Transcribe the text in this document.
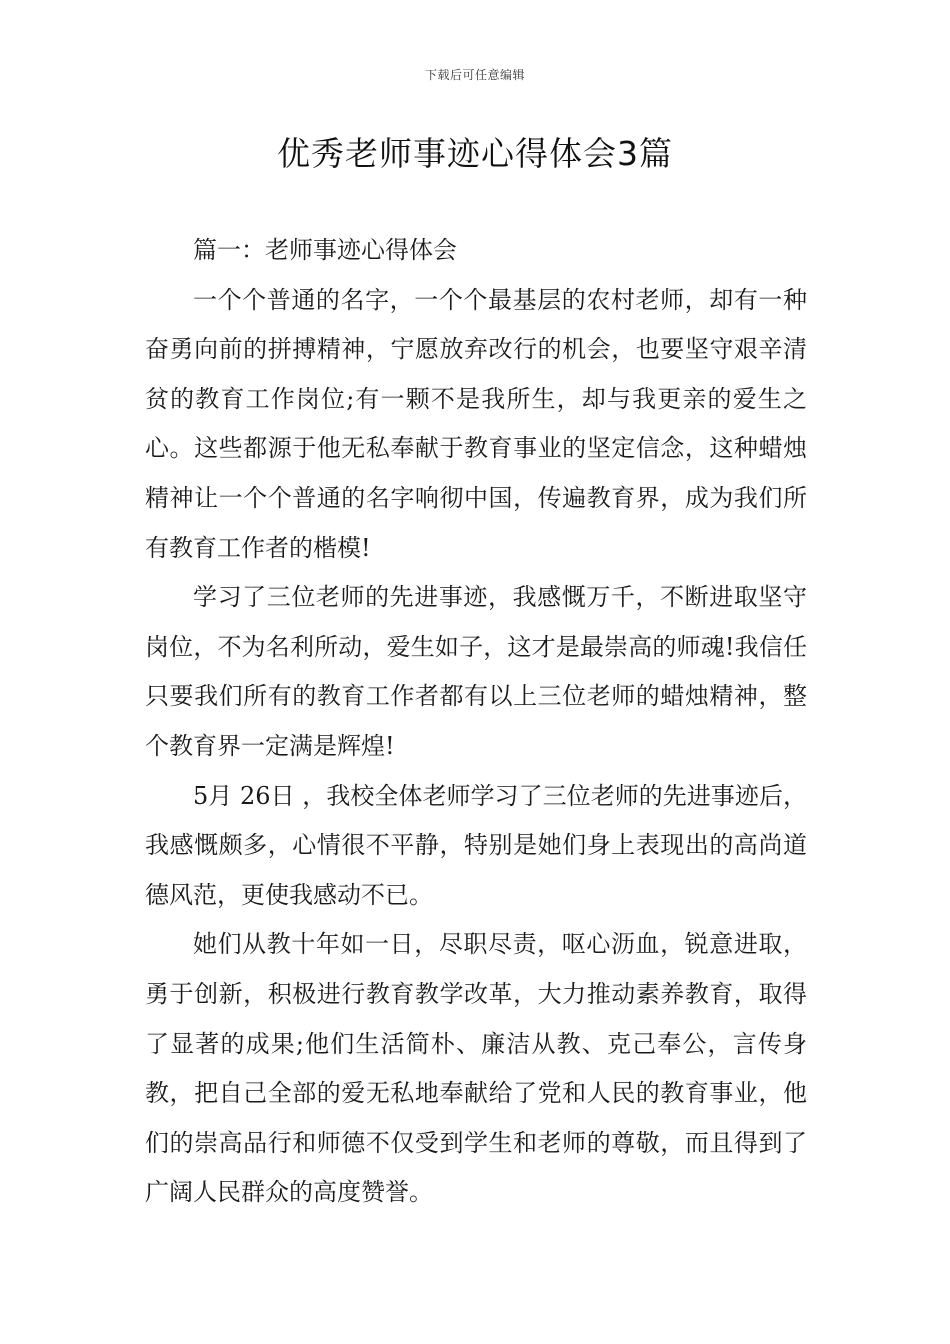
下载后可任意编辑
优秀老师事迹心得体会3篇

篇一：老师事迹心得体会

一个个普通的名字，一个个最基层的农村老师，却有一种奋勇向前的拼搏精神，宁愿放弃改行的机会，也要坚守艰辛清贫的教育工作岗位;有一颗不是我所生，却与我更亲的爱生之心。这些都源于他无私奉献于教育事业的坚定信念，这种蜡烛精神让一个个普通的名字响彻中国，传遍教育界，成为我们所有教育工作者的楷模!

学习了三位老师的先进事迹，我感慨万千，不断进取坚守岗位，不为名利所动，爱生如子，这才是最崇高的师魂!我信任只要我们所有的教育工作者都有以上三位老师的蜡烛精神，整个教育界一定满是辉煌!

5月 26日 ，我校全体老师学习了三位老师的先进事迹后，我感慨颇多，心情很不平静，特别是她们身上表现出的高尚道德风范，更使我感动不已。

她们从教十年如一日，尽职尽责，呕心沥血，锐意进取，勇于创新，积极进行教育教学改革，大力推动素养教育，取得了显著的成果;他们生活简朴、廉洁从教、克己奉公，言传身教，把自己全部的爱无私地奉献给了党和人民的教育事业，他们的崇高品行和师德不仅受到学生和老师的尊敬，而且得到了广阔人民群众的高度赞誉。
